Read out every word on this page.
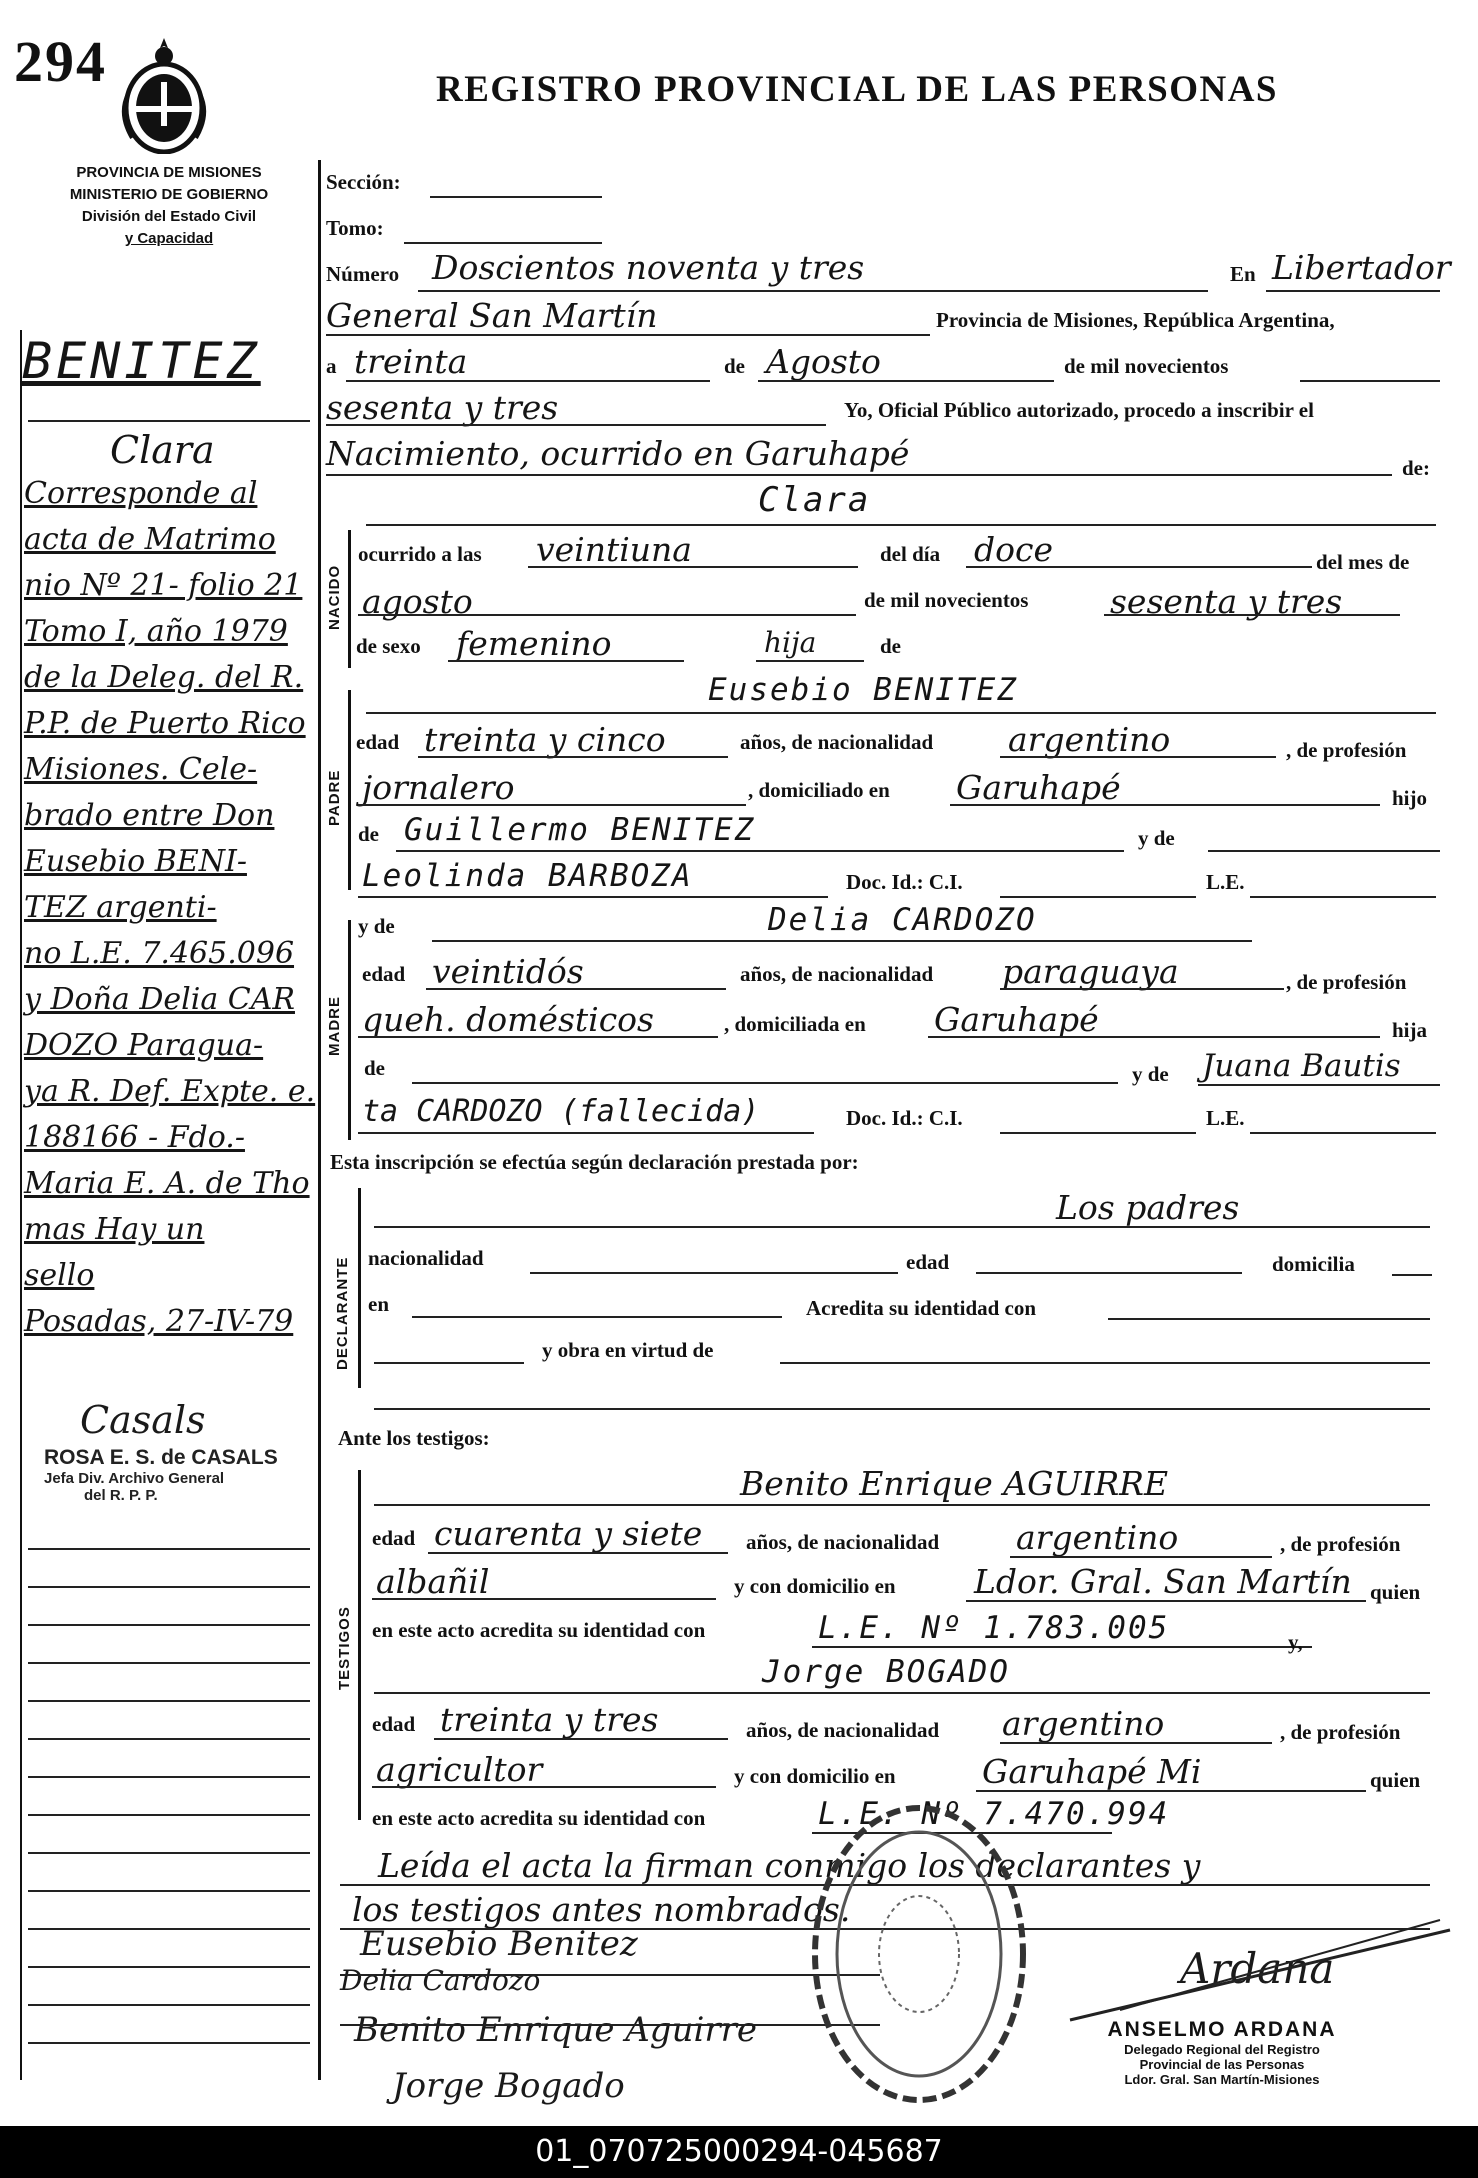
294	REGISTRO PROVINCIAL DE LAS PERSONAS
PROVINCIA DE MISIONES
MINISTERIO DE GOBIERNO
División del Estado Civil
y Capacidad
BENITEZ
Clara
Corresponde al
acta de Matrimo
nio Nº 21- folio 21
Tomo I, año 1979
de la Deleg. del R.
P.P. de Puerto Rico
Misiones. Cele-
brado entre Don
Eusebio BENI-
TEZ argenti-
no L.E. 7.465.096
y Doña Delia CAR
DOZO Paragua-
ya R. Def. Expte. e.
188166 - Fdo.-
Maria E. A. de Tho
mas Hay un
sello
Posadas, 27-IV-79
Casals
ROSA E. S. de CASALS
Jefa Div. Archivo General
del R. P. P.
Sección:
Tomo:
Número Doscientos noventa y tres	En Libertador
General San Martín	Provincia de Misiones, República Argentina,
a treinta	de Agosto	de mil novecientos
sesenta y tres	Yo, Oficial Público autorizado, procedo a inscribir el
Nacimiento, ocurrido en Garuhapé	de:
NACIDO
Clara
ocurrido a las veintiuna	del día doce	del mes de
agosto	de mil novecientos sesenta y tres
de sexo femenino	hija	de
PADRE
Eusebio BENITEZ
edad treinta y cinco	años, de nacionalidad argentino	, de profesión
jornalero	, domiciliado en Garuhapé	hijo
de Guillermo BENITEZ	y de
Leolinda BARBOZA	Doc. Id.: C.I.	L.E.
MADRE
y de	Delia CARDOZO
edad veintidós	años, de nacionalidad paraguaya	, de profesión
queh. domésticos	, domiciliada en Garuhapé	hija
de	y de Juana Bautis
ta CARDOZO (fallecida)	Doc. Id.: C.I.	L.E.
Esta inscripción se efectúa según declaración prestada por:
DECLARANTE
Los padres
nacionalidad	edad	domicilia
en	Acredita su identidad con
y obra en virtud de
Ante los testigos:
TESTIGOS
Benito Enrique AGUIRRE
edad cuarenta y siete años, de nacionalidad argentino	, de profesión
albañil	y con domicilio en Ldor. Gral. San Martín quien
en este acto acredita su identidad con	L.E. Nº 1.783.005	y,
Jorge BOGADO
edad treinta y tres	años, de nacionalidad argentino	, de profesión
agricultor	y con domicilio en	Garuhapé Mi	quien
en este acto acredita su identidad con	L.E. Nº 7.470.994
Leída el acta la firman conmigo los declarantes y
los testigos antes nombrados.
Eusebio Benitez
Delia Cardozo
Benito Enrique Aguirre
Jorge Bogado
Ardana
ANSELMO ARDANA
Delegado Regional del Registro
Provincial de las Personas
Ldor. Gral. San Martín-Misiones
01_070725000294-045687
